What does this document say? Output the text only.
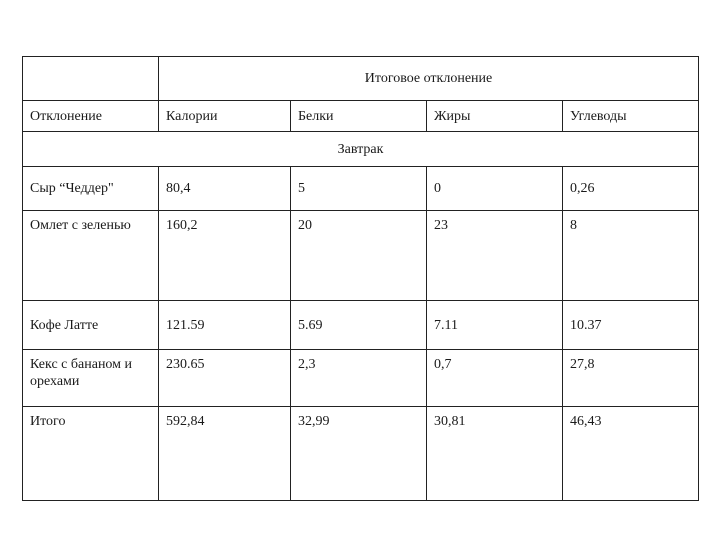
	Итоговое отклонение			
Отклонение	Калории	Белки	Жиры	Углеводы
Завтрак				
Сыр “Чеддер"	80,4	5	0	0,26
Омлет с зеленью	160,2	20	23	8
Кофе Латте	121.59	5.69	7.11	10.37
Кекс с бананом и орехами	230.65	2,3	0,7	27,8
Итого	592,84	32,99	30,81	46,43
